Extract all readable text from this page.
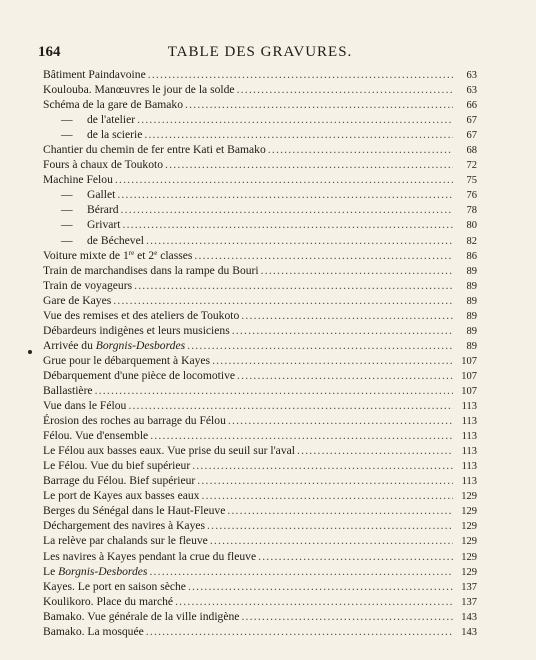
164	TABLE DES GRAVURES.
Bâtiment Paindavoine .....	63
Koulouba. Manœuvres le jour de la solde .....	63
Schéma de la gare de Bamako .....	66
— de l'atelier .....	67
— de la scierie .....	67
Chantier du chemin de fer entre Kati et Bamako .....	68
Fours à chaux de Toukoto .....	72
Machine Felou .....	75
— Gallet .....	76
— Bérard .....	78
— Grivart .....	80
— de Béchevel .....	82
Voiture mixte de 1re et 2e classes .....	86
Train de marchandises dans la rampe du Bouri .....	89
Train de voyageurs .....	89
Gare de Kayes .....	89
Vue des remises et des ateliers de Toukoto .....	89
Débardeurs indigènes et leurs musiciens .....	89
Arrivée du Borgnis-Desbordes .....	89
Grue pour le débarquement à Kayes .....	107
Débarquement d'une pièce de locomotive .....	107
Ballastière .....	107
Vue dans le Félou .....	113
Érosion des roches au barrage du Félou .....	113
Félou. Vue d'ensemble .....	113
Le Félou aux basses eaux. Vue prise du seuil sur l'aval .....	113
Le Félou. Vue du bief supérieur .....	113
Barrage du Félou. Bief supérieur .....	113
Le port de Kayes aux basses eaux .....	129
Berges du Sénégal dans le Haut-Fleuve .....	129
Déchargement des navires à Kayes .....	129
La relève par chalands sur le fleuve .....	129
Les navires à Kayes pendant la crue du fleuve .....	129
Le Borgnis-Desbordes .....	129
Kayes. Le port en saison sèche .....	137
Koulikoro. Place du marché .....	137
Bamako. Vue générale de la ville indigène .....	143
Bamako. La mosquée .....	143
